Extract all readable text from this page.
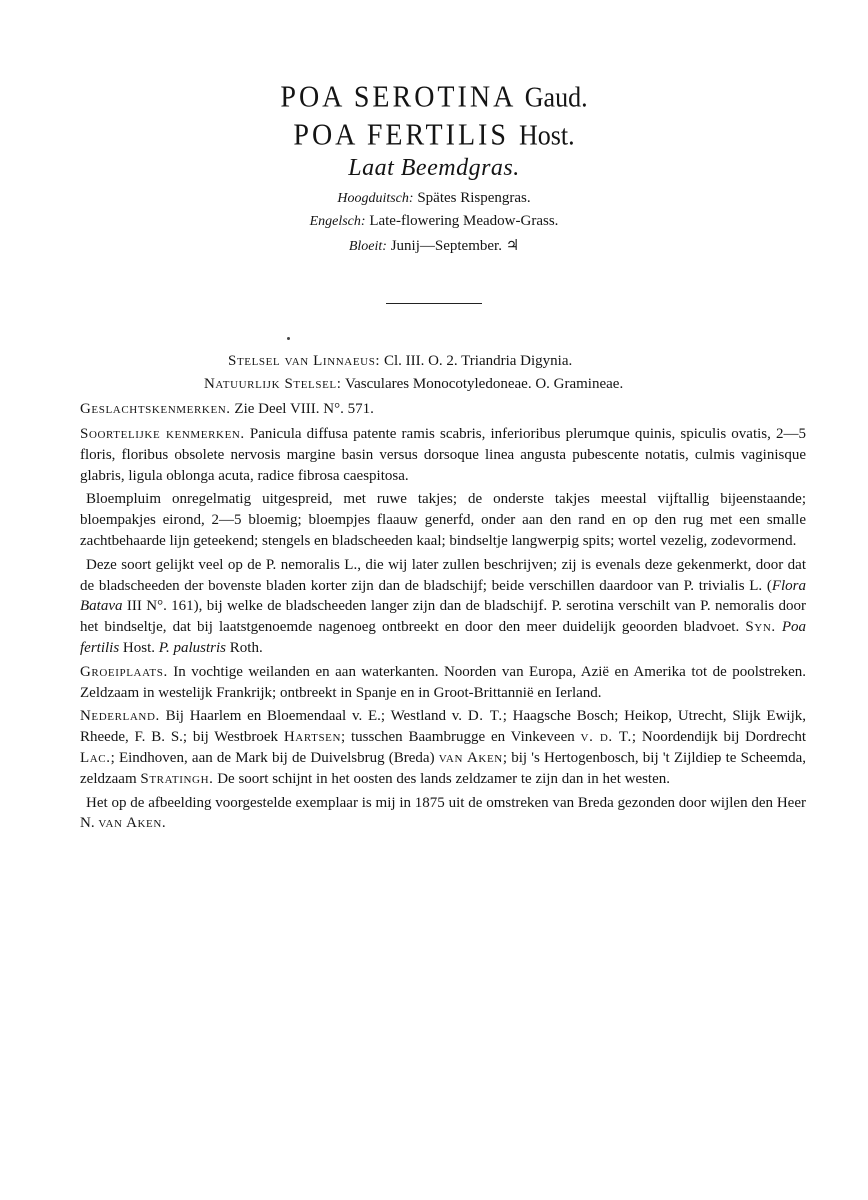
POA SEROTINA Gaud.
POA FERTILIS Host.
Laat Beemdgras.
Hoogduitsch: Spätes Rispengras.
Engelsch: Late-flowering Meadow-Grass.
Bloeit: Junij—September. ♃
Stelsel van Linnaeus: Cl. III. O. 2. Triandria Digynia.
Natuurlijk Stelsel: Vasculares Monocotyledoneae. O. Gramineae.
Geslachtskenmerken. Zie Deel VIII. N°. 571.

Soortelijke kenmerken. Panicula diffusa patente ramis scabris, inferioribus plerumque quinis, spiculis ovatis, 2—5 floris, floribus obsolete nervosis margine basin versus dorsoque linea angusta pubescente notatis, culmis vaginisque glabris, ligula oblonga acuta, radice fibrosa caespitosa.

Bloempluim onregelmatig uitgespreid, met ruwe takjes; de onderste takjes meestal vijftallig bijeenstaande; bloempakjes eirond, 2—5 bloemig; bloempjes flaauw generfd, onder aan den rand en op den rug met een smalle zachtbehaarde lijn geteekend; stengels en bladscheeden kaal; bindseltje langwerpig spits; wortel vezelig, zodevormend.

Deze soort gelijkt veel op de P. nemoralis L., die wij later zullen beschrijven; zij is evenals deze gekenmerkt, door dat de bladscheeden der bovenste bladen korter zijn dan de bladschijf; beide verschillen daardoor van P. trivialis L. (Flora Batava III N°. 161), bij welke de bladscheeden langer zijn dan de bladschijf. P. serotina verschilt van P. nemoralis door het bindseltje, dat bij laatstgenoemde nagenoeg ontbreekt en door den meer duidelijk geoorden bladvoet. Syn. Poa fertilis Host. P. palustris Roth.

Groeiplaats. In vochtige weilanden en aan waterkanten. Noorden van Europa, Azië en Amerika tot de poolstreken. Zeldzaam in westelijk Frankrijk; ontbreekt in Spanje en in Groot-Brittannië en Ierland.

Nederland. Bij Haarlem en Bloemendaal v. E.; Westland v. D. T.; Haagsche Bosch; Heikop, Utrecht, Slijk Ewijk, Rheede, F. B. S.; bij Westbroek Hartsen; tusschen Baambrugge en Vinkeveen v. d. T.; Noordendijk bij Dordrecht Lac.; Eindhoven, aan de Mark bij de Duivelsbrug (Breda) van Aken; bij 's Hertogenbosch, bij 't Zijldiep te Scheemda, zeldzaam Stratingh. De soort schijnt in het oosten des lands zeldzamer te zijn dan in het westen.

Het op de afbeelding voorgestelde exemplaar is mij in 1875 uit de omstreken van Breda gezonden door wijlen den Heer N. van Aken.
